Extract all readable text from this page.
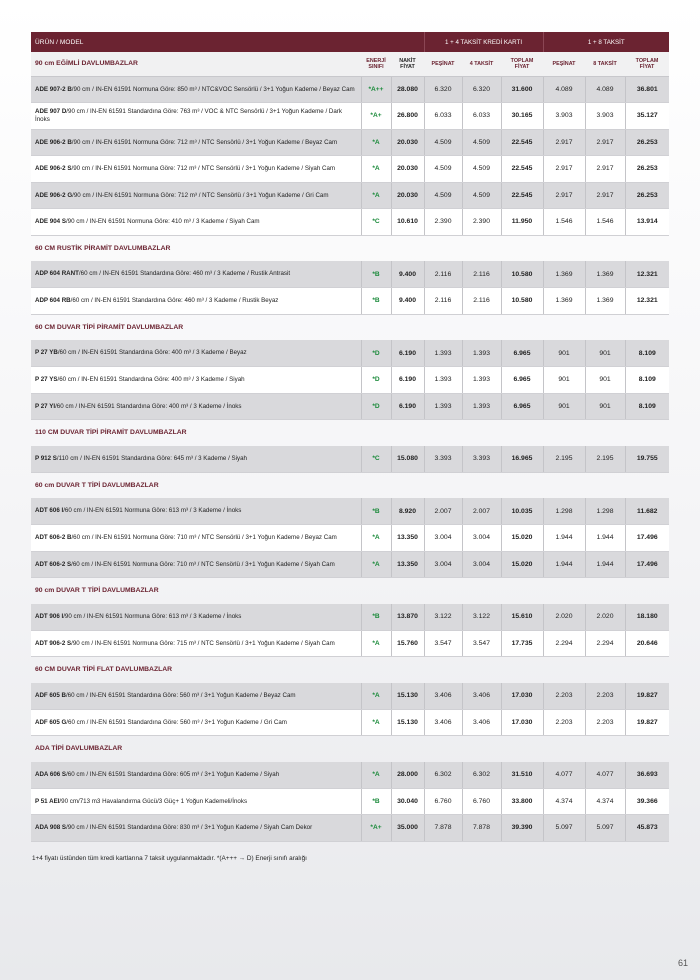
ÜRÜN / MODEL			1 + 4 TAKSİT KREDİ KARTI			1 + 8 TAKSİT		
90 cm EĞİMLİ DAVLUMBAZLAR	ENERJİ SINIFI	NAKİT FİYAT	PEŞİNAT	4 TAKSİT	TOPLAM FİYAT	PEŞİNAT	8 TAKSİT	TOPLAM FİYAT
ADE 907-2 B/90 cm / IN-EN 61591 Normuna Göre: 850 m³ / NTC&VOC Sensörlü / 3+1 Yoğun Kademe / Beyaz Cam	*A++	28.080	6.320	6.320	31.600	4.089	4.089	36.801
ADE 907 D/90 cm / IN-EN 61591 Standardına Göre: 763 m³ / VOC & NTC Sensörlü / 3+1 Yoğun Kademe / Dark İnoks	*A+	26.800	6.033	6.033	30.165	3.903	3.903	35.127
ADE 906-2 B/90 cm / IN-EN 61591 Normuna Göre: 712 m³ / NTC Sensörlü / 3+1 Yoğun Kademe / Beyaz Cam	*A	20.030	4.509	4.509	22.545	2.917	2.917	26.253
ADE 906-2 S/90 cm / IN-EN 61591 Normuna Göre: 712 m³ / NTC Sensörlü / 3+1 Yoğun Kademe / Siyah Cam	*A	20.030	4.509	4.509	22.545	2.917	2.917	26.253
ADE 906-2 G/90 cm / IN-EN 61591 Normuna Göre: 712 m³ / NTC Sensörlü / 3+1 Yoğun Kademe / Gri Cam	*A	20.030	4.509	4.509	22.545	2.917	2.917	26.253
ADE 904 S/90 cm / IN-EN 61591 Normuna Göre: 410 m³ / 3 Kademe / Siyah Cam	*C	10.610	2.390	2.390	11.950	1.546	1.546	13.914
60 CM RUSTİK PİRAMİT DAVLUMBAZLAR								
ADP 604 RANT/60 cm / IN-EN 61591 Standardına Göre: 460 m³ / 3 Kademe / Rustik Antrasit	*B	9.400	2.116	2.116	10.580	1.369	1.369	12.321
ADP 604 RB/60 cm / IN-EN 61591 Standardına Göre: 460 m³ / 3 Kademe / Rustik Beyaz	*B	9.400	2.116	2.116	10.580	1.369	1.369	12.321
60 CM DUVAR TİPİ PİRAMİT DAVLUMBAZLAR								
P 27 YB/60 cm / IN-EN 61591 Standardına Göre: 400 m³ / 3 Kademe / Beyaz	*D	6.190	1.393	1.393	6.965	901	901	8.109
P 27 YS/60 cm / IN-EN 61591 Standardına Göre: 400 m³ / 3 Kademe / Siyah	*D	6.190	1.393	1.393	6.965	901	901	8.109
P 27 YI/60 cm / IN-EN 61591 Standardına Göre: 400 m³ / 3 Kademe / İnoks	*D	6.190	1.393	1.393	6.965	901	901	8.109
110 CM DUVAR TİPİ PİRAMİT DAVLUMBAZLAR								
P 912 S/110 cm / IN-EN 61591 Standardına Göre: 645 m³ / 3 Kademe / Siyah	*C	15.080	3.393	3.393	16.965	2.195	2.195	19.755
60 cm DUVAR T TİPİ DAVLUMBAZLAR								
ADT 606 I/60 cm / IN-EN 61591 Normuna Göre: 613 m³ / 3 Kademe / İnoks	*B	8.920	2.007	2.007	10.035	1.298	1.298	11.682
ADT 606-2 B/60 cm / IN-EN 61591 Normuna Göre: 710 m³ / NTC Sensörlü / 3+1 Yoğun Kademe / Beyaz Cam	*A	13.350	3.004	3.004	15.020	1.944	1.944	17.496
ADT 606-2 S/60 cm / IN-EN 61591 Normuna Göre: 710 m³ / NTC Sensörlü / 3+1 Yoğun Kademe / Siyah Cam	*A	13.350	3.004	3.004	15.020	1.944	1.944	17.496
90 cm DUVAR T TİPİ DAVLUMBAZLAR								
ADT 906 I/90 cm / IN-EN 61591 Normuna Göre: 613 m³ / 3 Kademe / İnoks	*B	13.870	3.122	3.122	15.610	2.020	2.020	18.180
ADT 906-2 S/90 cm / IN-EN 61591 Normuna Göre: 715 m³ / NTC Sensörlü / 3+1 Yoğun Kademe / Siyah Cam	*A	15.760	3.547	3.547	17.735	2.294	2.294	20.646
60 CM DUVAR TİPİ FLAT DAVLUMBAZLAR								
ADF 605 B/60 cm / IN-EN 61591 Standardına Göre: 560 m³ / 3+1 Yoğun Kademe / Beyaz Cam	*A	15.130	3.406	3.406	17.030	2.203	2.203	19.827
ADF 605 G/60 cm / IN-EN 61591 Standardına Göre: 560 m³ / 3+1 Yoğun Kademe / Gri Cam	*A	15.130	3.406	3.406	17.030	2.203	2.203	19.827
ADA TİPİ DAVLUMBAZLAR								
ADA 606 S/60 cm / IN-EN 61591 Standardına Göre: 605 m³ / 3+1 Yoğun Kademe / Siyah	*A	28.000	6.302	6.302	31.510	4.077	4.077	36.693
P 51 AEI/90 cm/713 m3 Havalandırma Gücü/3 Güç+ 1 Yoğun Kademeli/İnoks	*B	30.040	6.760	6.760	33.800	4.374	4.374	39.366
ADA 908 S/90 cm / IN-EN 61591 Standardına Göre: 830 m³ / 3+1 Yoğun Kademe / Siyah Cam Dekor	*A+	35.000	7.878	7.878	39.390	5.097	5.097	45.873
1+4 fiyatı üstünden tüm kredi kartlarına 7 taksit uygulanmaktadır. *(A+++ → D) Enerji sınıfı aralığı
61
